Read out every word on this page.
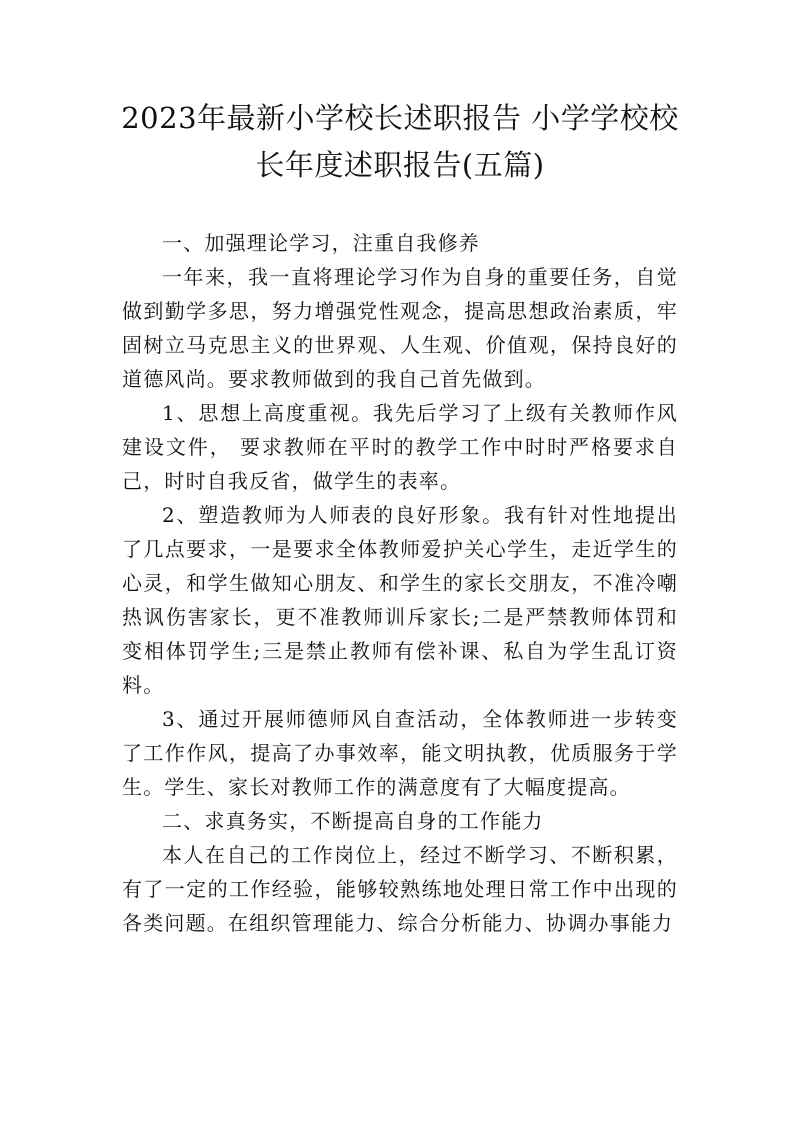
2023年最新小学校长述职报告 小学学校校
长年度述职报告(五篇)

一、加强理论学习，注重自我修养

一年来，我一直将理论学习作为自身的重要任务，自觉做到勤学多思，努力增强党性观念，提高思想政治素质，牢固树立马克思主义的世界观、人生观、价值观，保持良好的道德风尚。要求教师做到的我自己首先做到。

1、思想上高度重视。我先后学习了上级有关教师作风建设文件， 要求教师在平时的教学工作中时时严格要求自己，时时自我反省，做学生的表率。

2、塑造教师为人师表的良好形象。我有针对性地提出了几点要求，一是要求全体教师爱护关心学生，走近学生的心灵，和学生做知心朋友、和学生的家长交朋友，不准冷嘲热讽伤害家长，更不准教师训斥家长;二是严禁教师体罚和变相体罚学生;三是禁止教师有偿补课、私自为学生乱订资料。

3、通过开展师德师风自查活动，全体教师进一步转变了工作作风，提高了办事效率，能文明执教，优质服务于学生。学生、家长对教师工作的满意度有了大幅度提高。

二、求真务实，不断提高自身的工作能力

本人在自己的工作岗位上，经过不断学习、不断积累，有了一定的工作经验，能够较熟练地处理日常工作中出现的各类问题。在组织管理能力、综合分析能力、协调办事能力
